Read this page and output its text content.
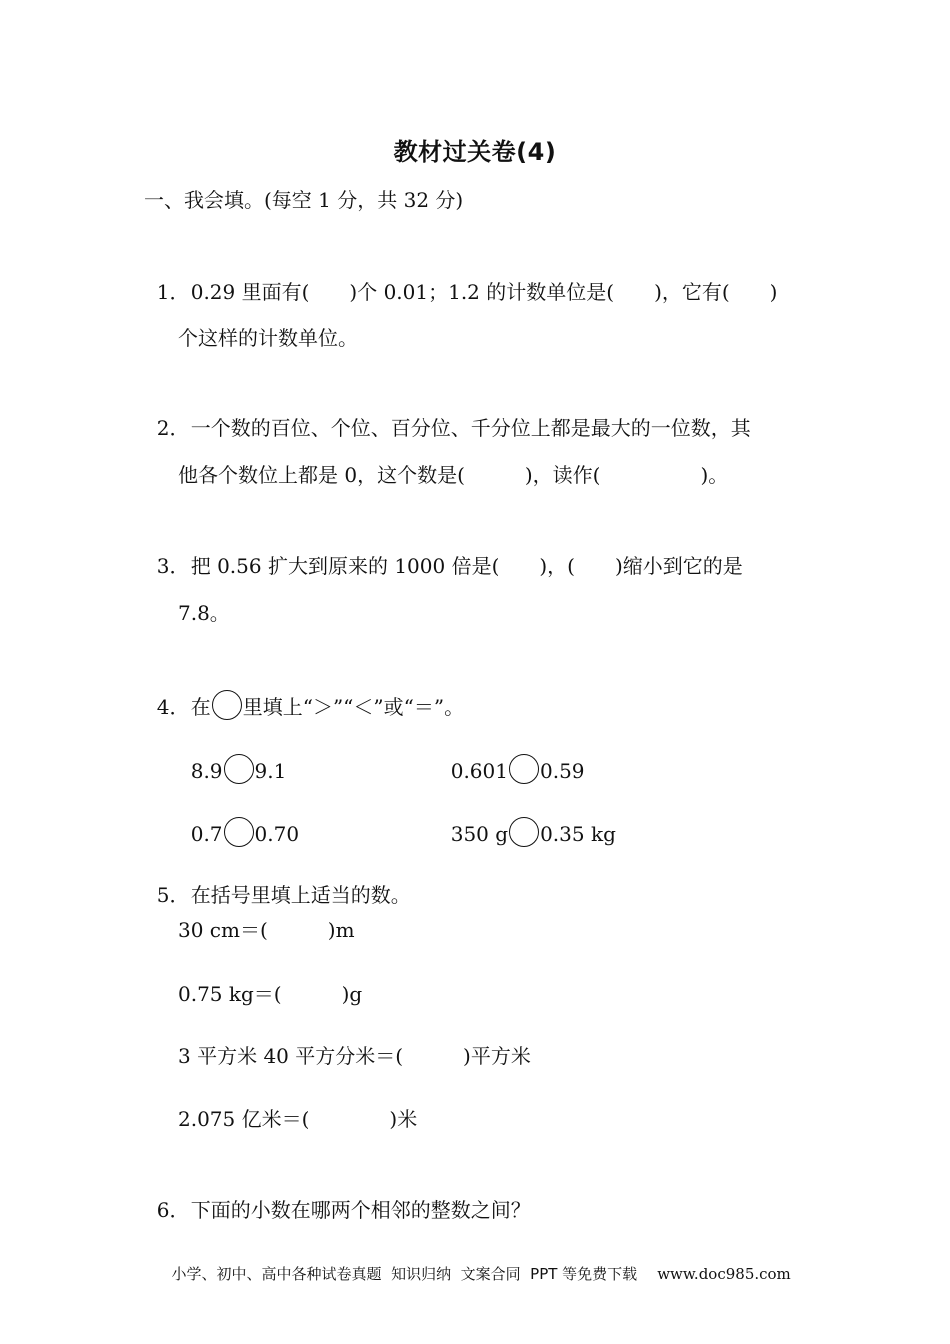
教材过关卷(4)
一、我会填。(每空 1 分，共 32 分)

1．0.29 里面有(　　)个 0.01；1.2 的计数单位是(　　)，它有(　　)

个这样的计数单位。

2．一个数的百位、个位、百分位、千分位上都是最大的一位数，其

他各个数位上都是 0，这个数是(　　　)，读作(　　　　　)。

3．把 0.56 扩大到原来的 1000 倍是(　　)，(　　)缩小到它的是

7.8。

4．在 里填上“＞”“＜”或“＝”。

8.9 9.1	0.601 0.59

0.7 0.70	350 g 0.35 kg

5．在括号里填上适当的数。

30 cm＝(　　　)m
0.75 kg＝(　　　)g
3 平方米 40 平方分米＝(　　　)平方米
2.075 亿米＝(　　　　)米

6．下面的小数在哪两个相邻的整数之间？

小学、初中、高中各种试卷真题  知识归纳  文案合同  PPT 等免费下载 www.doc985.com
